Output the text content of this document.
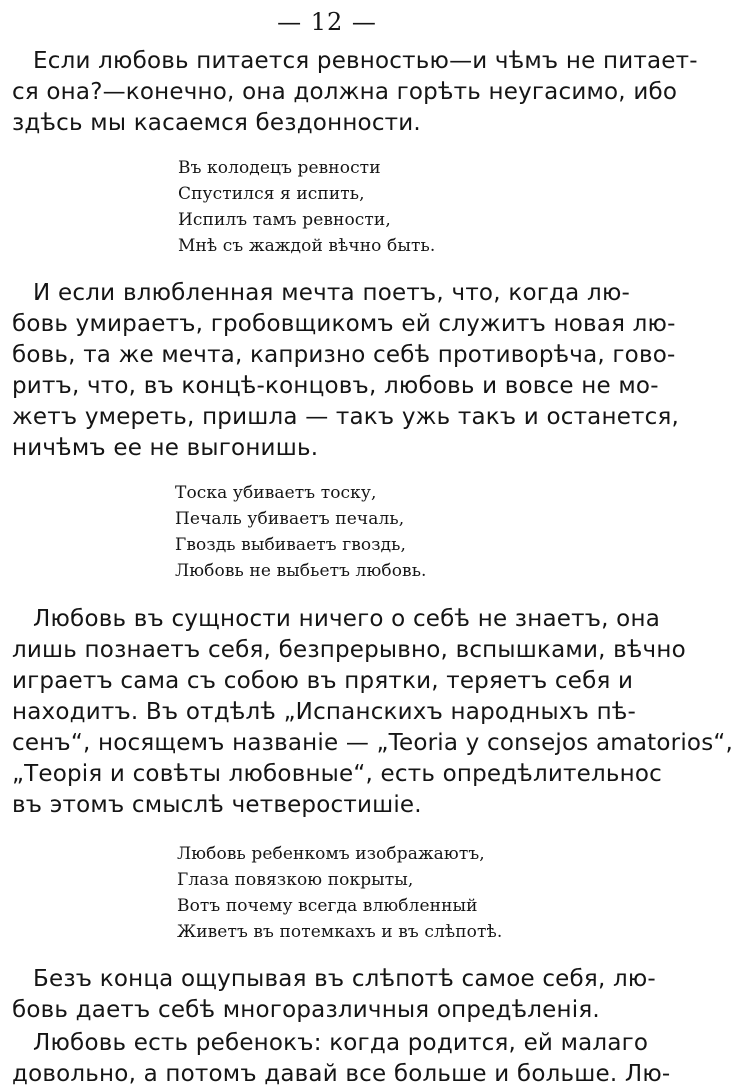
— 12 —

Если любовь питается ревностью—и чѣмъ не питает-
ся она?—конечно, она должна горѣть неугасимо, ибо
здѣсь мы касаемся бездонности.

Въ колодецъ ревности
Спустился я испить,
Испилъ тамъ ревности,
Мнѣ съ жаждой вѣчно быть.

И если влюбленная мечта поетъ, что, когда лю-
бовь умираетъ, гробовщикомъ ей служитъ новая лю-
бовь, та же мечта, капризно себѣ противорѣча, гово-
ритъ, что, въ концѣ-концовъ, любовь и вовсе не мо-
жетъ умереть, пришла — такъ ужь такъ и останется,
ничѣмъ ее не выгонишь.

Тоска убиваетъ тоску,
Печаль убиваетъ печаль,
Гвоздь выбиваетъ гвоздь,
Любовь не выбьетъ любовь.

Любовь въ сущности ничего о себѣ не знаетъ, она
лишь познаетъ себя, безпрерывно, вспышками, вѣчно
играетъ сама съ собою въ прятки, теряетъ себя и
находитъ. Въ отдѣлѣ „Испанскихъ народныхъ пѣ-
сенъ“, носящемъ названіе — „Teoria y consejos amatorios“,
„Теорія и совѣты любовные“, есть опредѣлительнос
въ этомъ смыслѣ четверостишіе.

Любовь ребенкомъ изображаютъ,
Глаза повязкою покрыты,
Вотъ почему всегда влюбленный
Живетъ въ потемкахъ и въ слѣпотѣ.

Безъ конца ощупывая въ слѣпотѣ самое себя, лю-
бовь даетъ себѣ многоразличныя опредѣленія.

Любовь есть ребенокъ: когда родится, ей малаго
довольно, а потомъ давай все больше и больше. Лю-
